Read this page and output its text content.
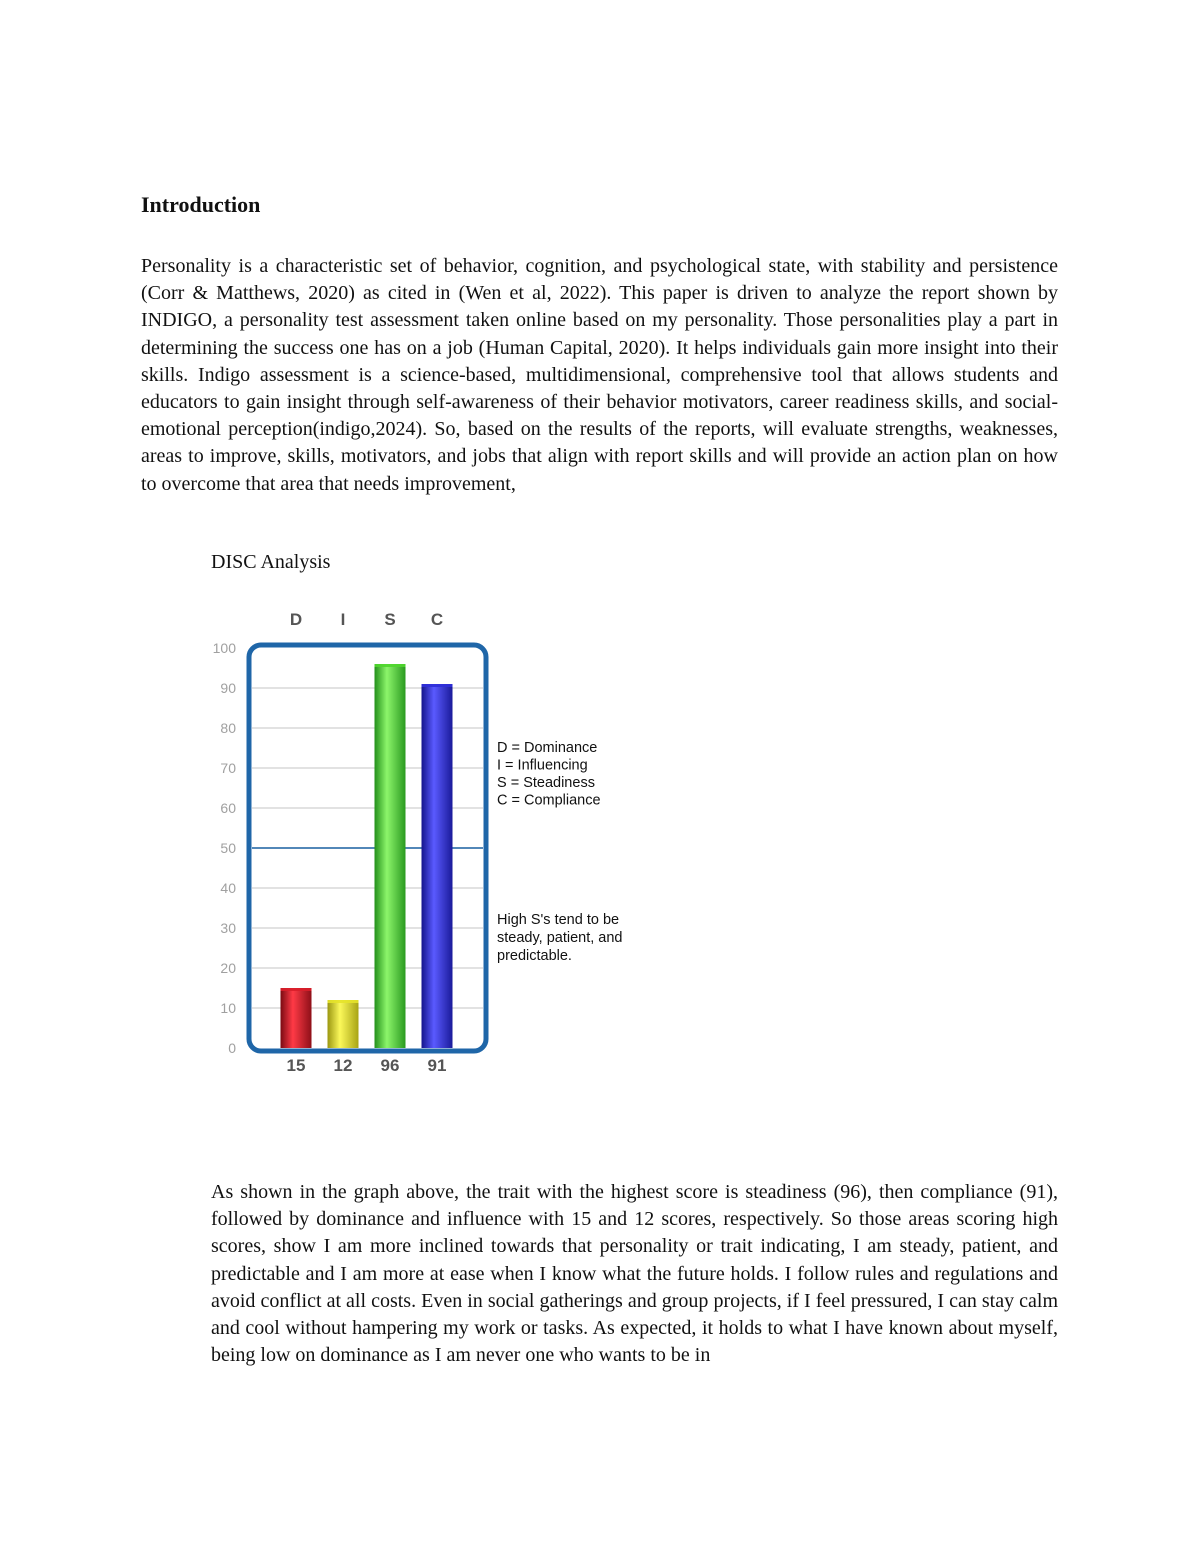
Introduction

Personality is a characteristic set of behavior, cognition, and psychological state, with stability and persistence (Corr & Matthews, 2020) as cited in (Wen et al, 2022). This paper is driven to analyze the report shown by INDIGO, a personality test assessment taken online based on my personality. Those personalities play a part in determining the success one has on a job (Human Capital, 2020). It helps individuals gain more insight into their skills. Indigo assessment is a science-based, multidimensional, comprehensive tool that allows students and educators to gain insight through self-awareness of their behavior motivators, career readiness skills, and social-emotional perception(indigo,2024). So, based on the results of the reports, will evaluate strengths, weaknesses, areas to improve, skills, motivators, and jobs that align with report skills and will provide an action plan on how to overcome that area that needs improvement,

DISC Analysis
D I S C
100
90
80
70
60
50
40
30
20
10
0
15 12 96 91
D = Dominance
I = Influencing
S = Steadiness
C = Compliance
High S's tend to be
steady, patient, and
predictable.

As shown in the graph above, the trait with the highest score is steadiness (96), then compliance (91), followed by dominance and influence with 15 and 12 scores, respectively. So those areas scoring high scores, show I am more inclined towards that personality or trait indicating, I am steady, patient, and predictable and I am more at ease when I know what the future holds. I follow rules and regulations and avoid conflict at all costs. Even in social gatherings and group projects, if I feel pressured, I can stay calm and cool without hampering my work or tasks. As expected, it holds to what I have known about myself, being low on dominance as I am never one who wants to be in
